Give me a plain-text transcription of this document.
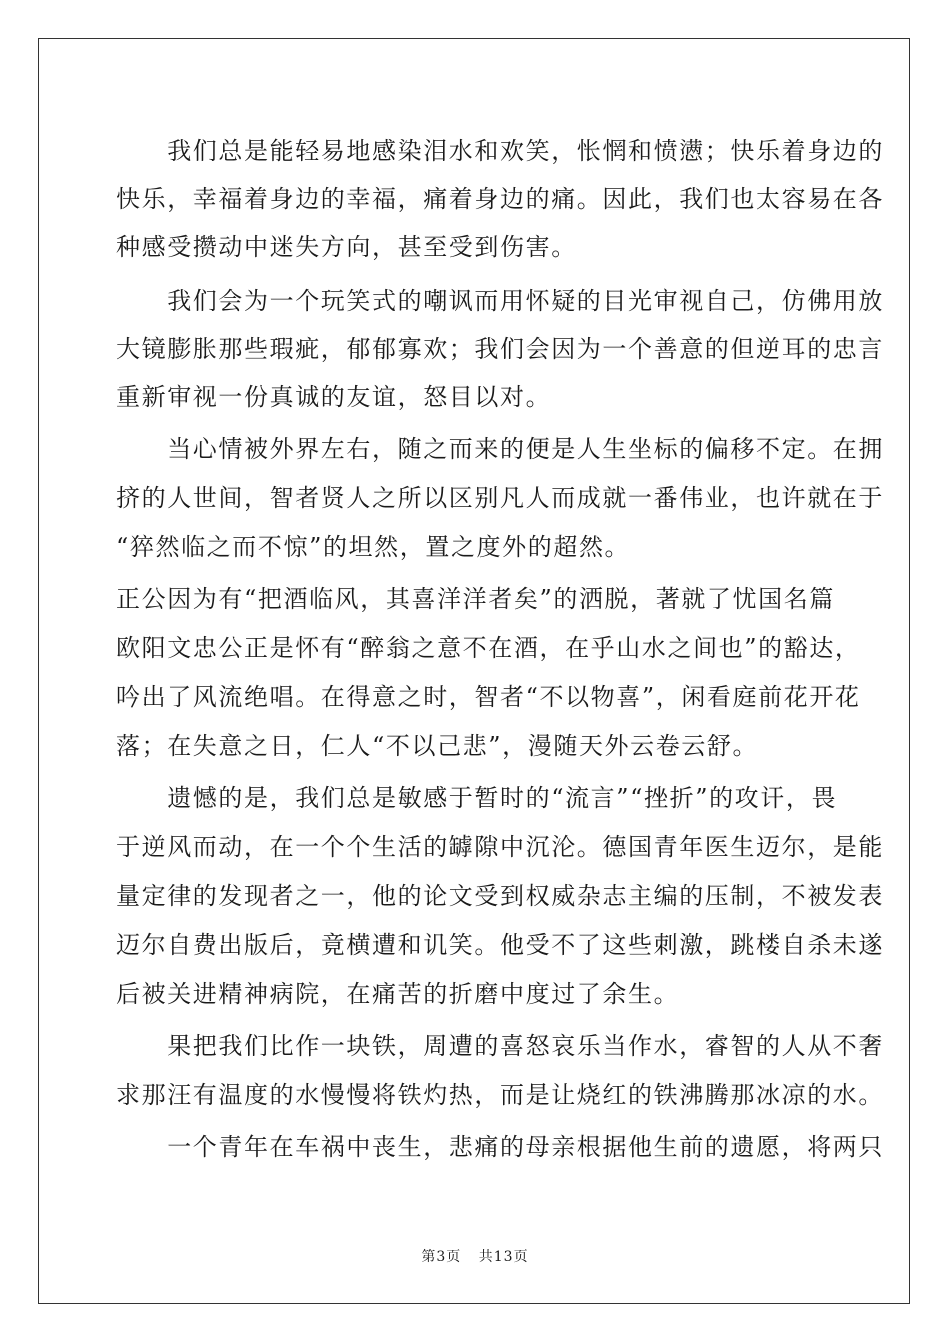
　　我们总是能轻易地感染泪水和欢笑，怅惘和愤懑；快乐着身边的
快乐，幸福着身边的幸福，痛着身边的痛。因此，我们也太容易在各
种感受攒动中迷失方向，甚至受到伤害。
　　我们会为一个玩笑式的嘲讽而用怀疑的目光审视自己，仿佛用放
大镜膨胀那些瑕疵，郁郁寡欢；我们会因为一个善意的但逆耳的忠言
重新审视一份真诚的友谊，怒目以对。
　　当心情被外界左右，随之而来的便是人生坐标的偏移不定。在拥
挤的人世间，智者贤人之所以区别凡人而成就一番伟业，也许就在于
“猝然临之而不惊”的坦然，置之度外的超然。
正公因为有“把酒临风，其喜洋洋者矣”的洒脱，著就了忧国名篇
欧阳文忠公正是怀有“醉翁之意不在酒，在乎山水之间也”的豁达，
吟出了风流绝唱。在得意之时，智者“不以物喜”，闲看庭前花开花
落；在失意之日，仁人“不以己悲”，漫随天外云卷云舒。
　　遗憾的是，我们总是敏感于暂时的“流言”“挫折”的攻讦，畏
于逆风而动，在一个个生活的罅隙中沉沦。德国青年医生迈尔，是能
量定律的发现者之一，他的论文受到权威杂志主编的压制，不被发表
迈尔自费出版后，竟横遭和讥笑。他受不了这些刺激，跳楼自杀未遂
后被关进精神病院，在痛苦的折磨中度过了余生。
　　果把我们比作一块铁，周遭的喜怒哀乐当作水，睿智的人从不奢
求那汪有温度的水慢慢将铁灼热，而是让烧红的铁沸腾那冰凉的水。
　　一个青年在车祸中丧生，悲痛的母亲根据他生前的遗愿，将两只
第3页 共13页
